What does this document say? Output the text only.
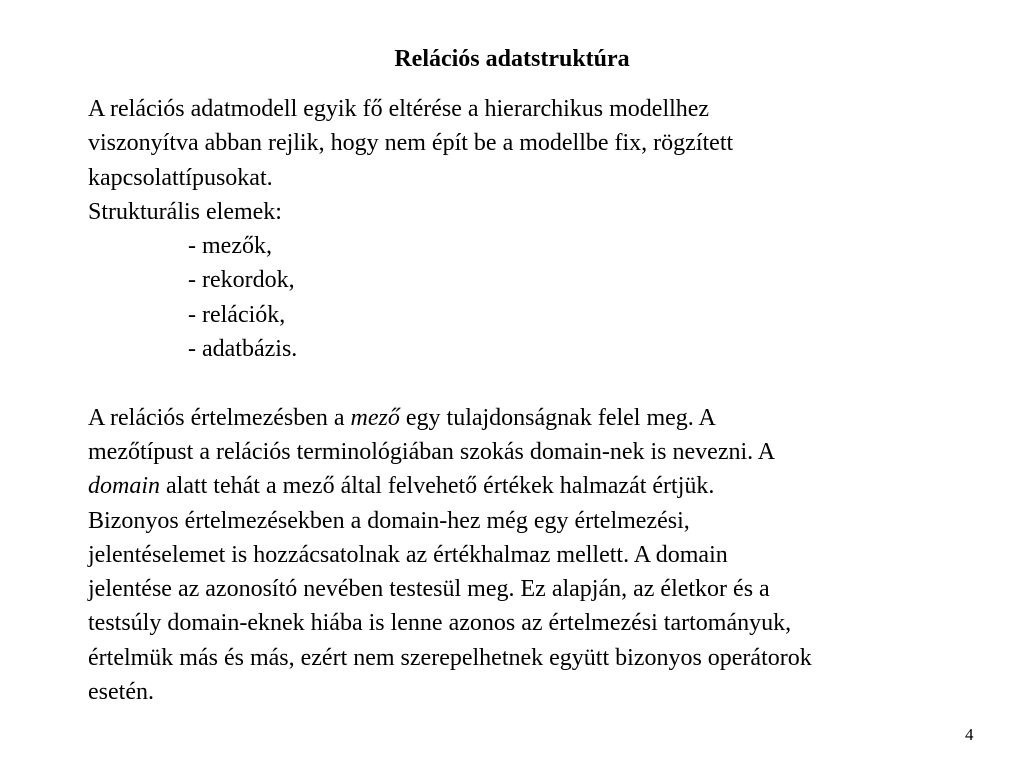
Relációs adatstruktúra

A relációs adatmodell egyik fő eltérése a hierarchikus modellhez

viszonyítva abban rejlik, hogy nem épít be a modellbe fix, rögzített

kapcsolattípusokat.

Strukturális elemek:

- mezők,

- rekordok,

- relációk,

- adatbázis.

A relációs értelmezésben a mező egy tulajdonságnak felel meg. A

mezőtípust a relációs terminológiában szokás domain-nek is nevezni. A

domain alatt tehát a mező által felvehető értékek halmazát értjük.

Bizonyos értelmezésekben a domain-hez még egy értelmezési,

jelentéselemet is hozzácsatolnak az értékhalmaz mellett. A domain

jelentése az azonosító nevében testesül meg. Ez alapján, az életkor és a

testsúly domain-eknek hiába is lenne azonos az értelmezési tartományuk,

értelmük más és más, ezért nem szerepelhetnek együtt bizonyos operátorok

esetén.

4
